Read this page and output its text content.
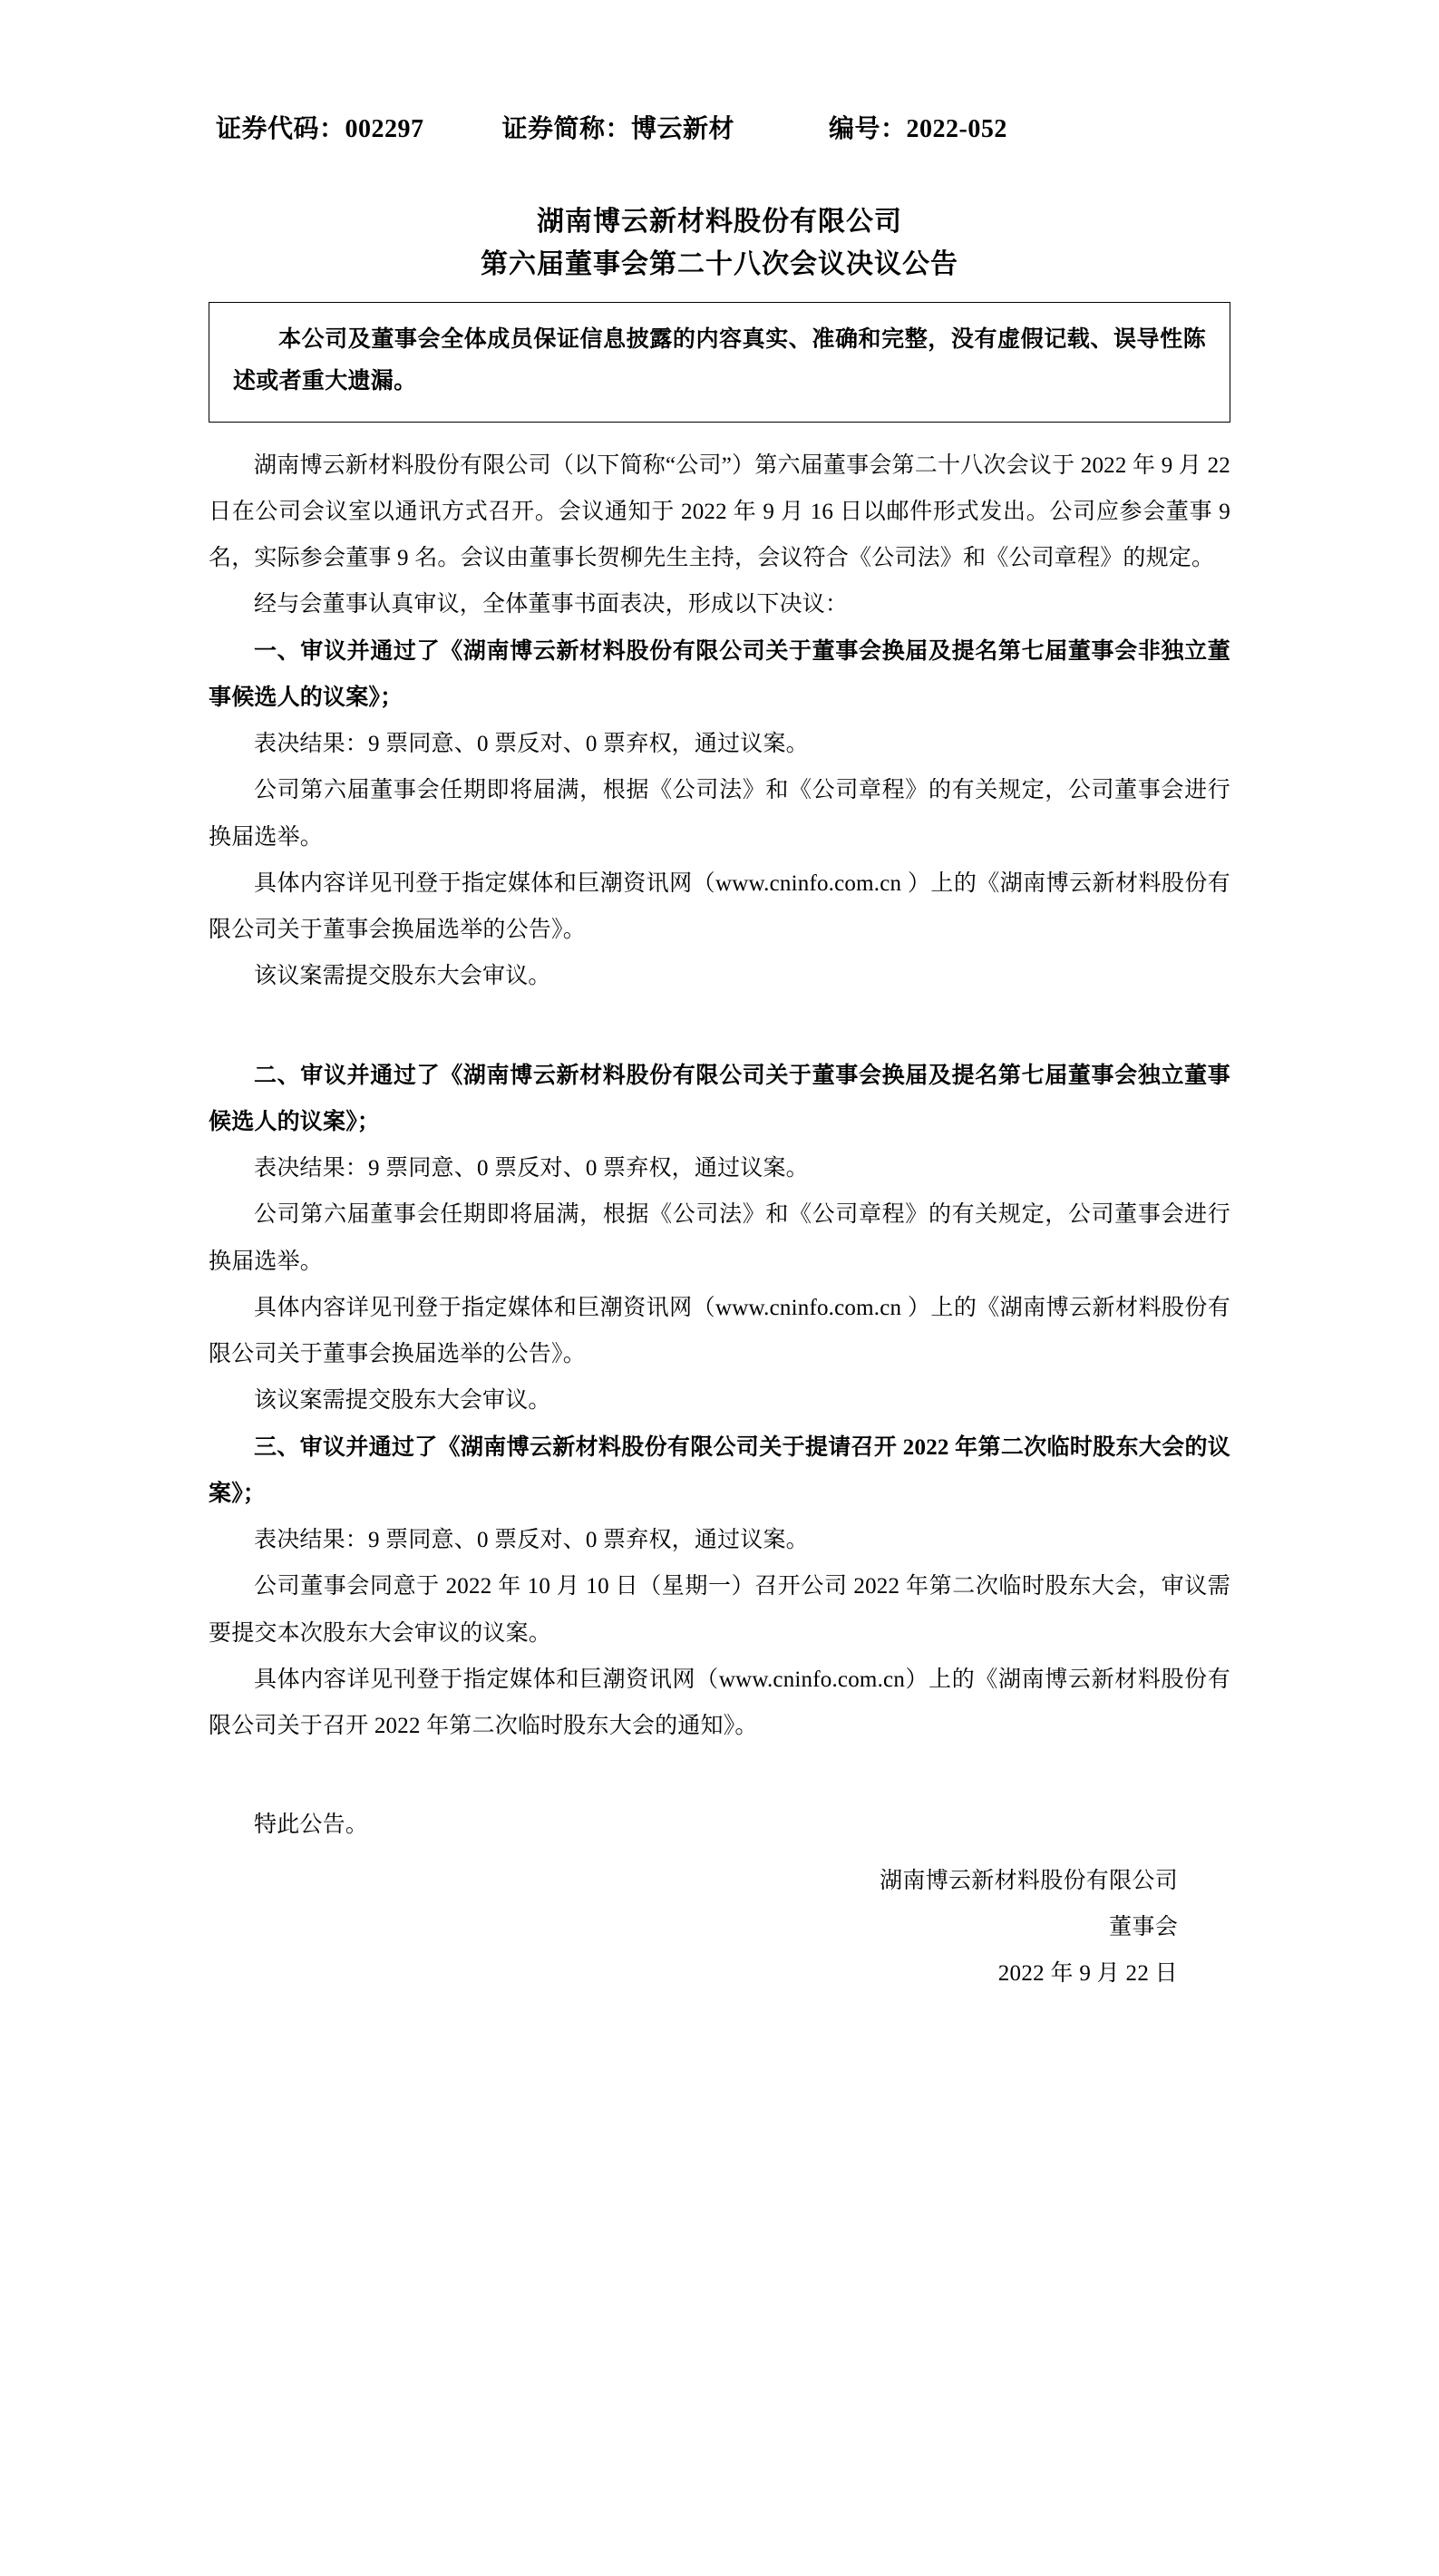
证券代码：002297	证券简称：博云新材	编号：2022-052
湖南博云新材料股份有限公司
第六届董事会第二十八次会议决议公告

本公司及董事会全体成员保证信息披露的内容真实、准确和完整，没有虚假记载、误导性陈述或者重大遗漏。

湖南博云新材料股份有限公司（以下简称“公司”）第六届董事会第二十八次会议于 2022 年 9 月 22 日在公司会议室以通讯方式召开。会议通知于 2022 年 9 月 16 日以邮件形式发出。公司应参会董事 9 名，实际参会董事 9 名。会议由董事长贺柳先生主持，会议符合《公司法》和《公司章程》的规定。

经与会董事认真审议，全体董事书面表决，形成以下决议：

一、审议并通过了《湖南博云新材料股份有限公司关于董事会换届及提名第七届董事会非独立董事候选人的议案》；

表决结果：9 票同意、0 票反对、0 票弃权，通过议案。

公司第六届董事会任期即将届满，根据《公司法》和《公司章程》的有关规定，公司董事会进行换届选举。

具体内容详见刊登于指定媒体和巨潮资讯网（www.cninfo.com.cn ）上的《湖南博云新材料股份有限公司关于董事会换届选举的公告》。

该议案需提交股东大会审议。

二、审议并通过了《湖南博云新材料股份有限公司关于董事会换届及提名第七届董事会独立董事候选人的议案》；

表决结果：9 票同意、0 票反对、0 票弃权，通过议案。

公司第六届董事会任期即将届满，根据《公司法》和《公司章程》的有关规定，公司董事会进行换届选举。

具体内容详见刊登于指定媒体和巨潮资讯网（www.cninfo.com.cn ）上的《湖南博云新材料股份有限公司关于董事会换届选举的公告》。

该议案需提交股东大会审议。

三、审议并通过了《湖南博云新材料股份有限公司关于提请召开 2022 年第二次临时股东大会的议案》；

表决结果：9 票同意、0 票反对、0 票弃权，通过议案。

公司董事会同意于 2022 年 10 月 10 日（星期一）召开公司 2022 年第二次临时股东大会，审议需要提交本次股东大会审议的议案。

具体内容详见刊登于指定媒体和巨潮资讯网（www.cninfo.com.cn）上的《湖南博云新材料股份有限公司关于召开 2022 年第二次临时股东大会的通知》。

特此公告。

湖南博云新材料股份有限公司
董事会
2022 年 9 月 22 日
